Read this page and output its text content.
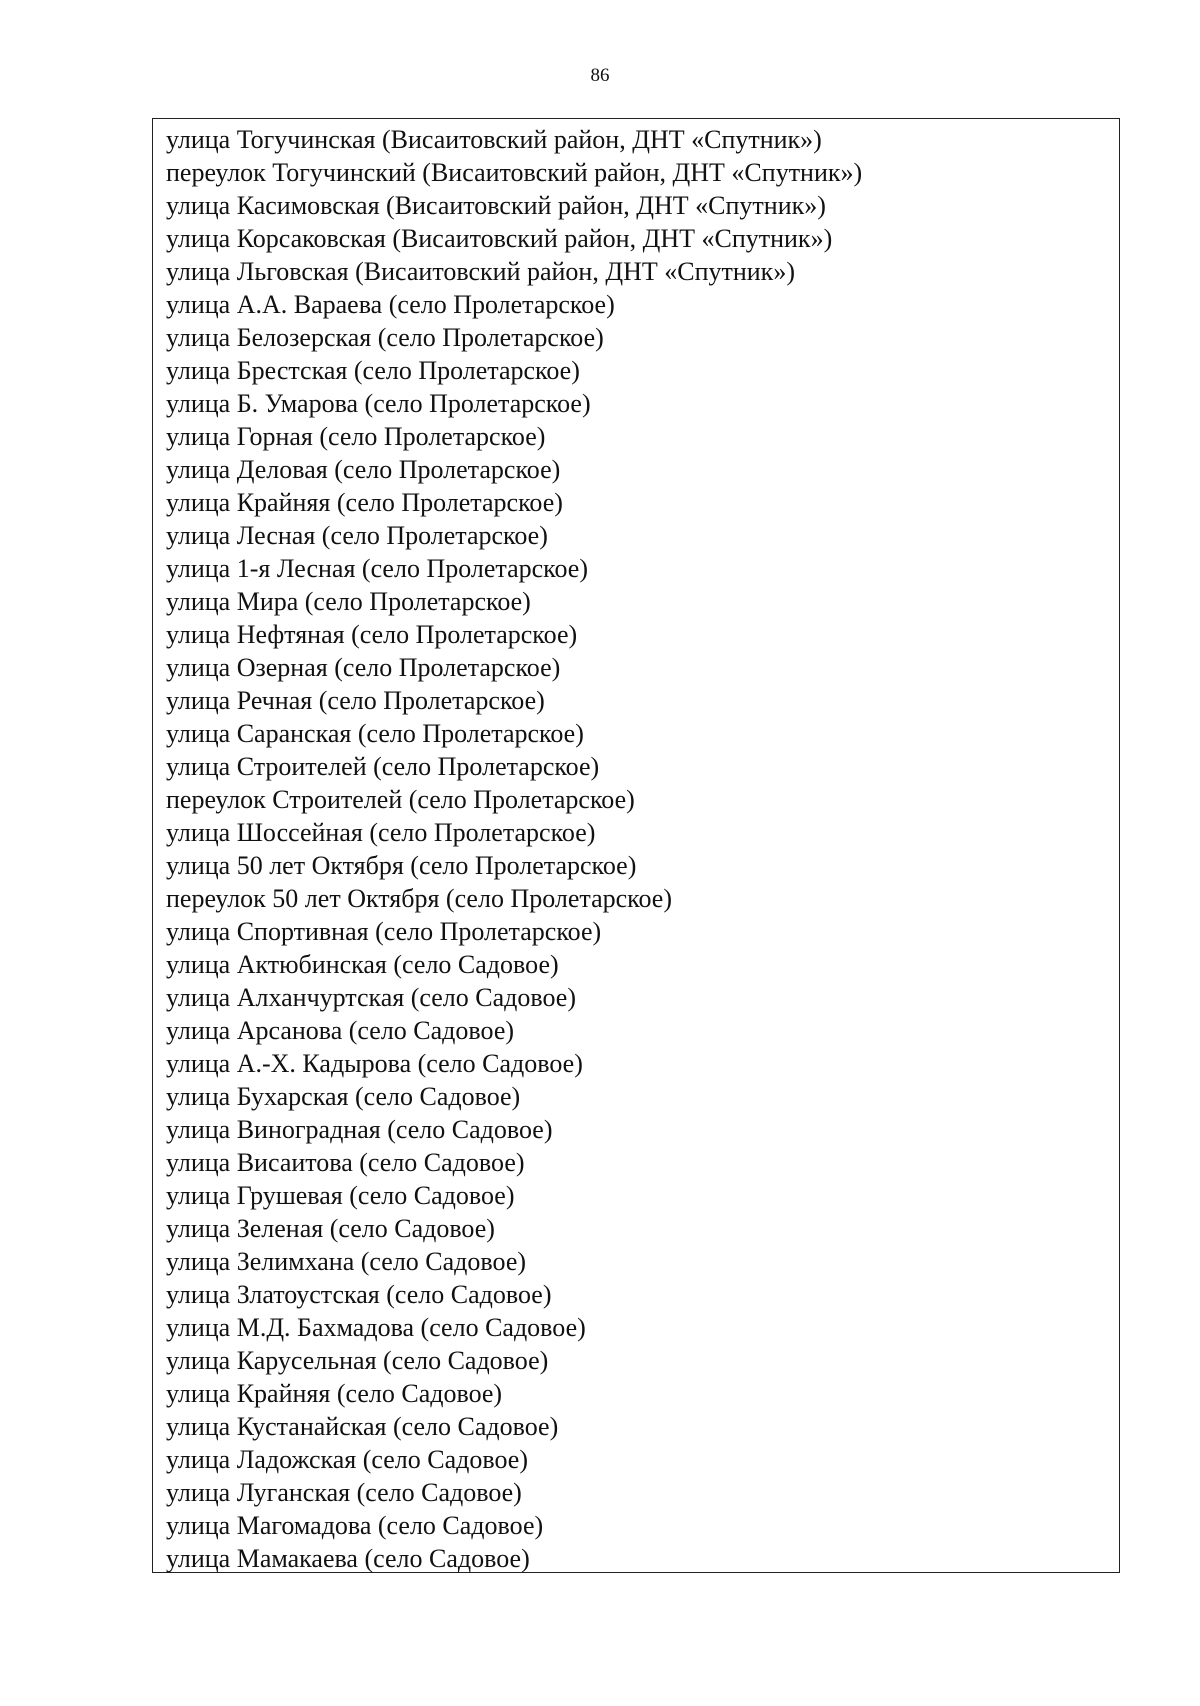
86
улица Тогучинская (Висаитовский район, ДНТ «Спутник»)
переулок Тогучинский (Висаитовский район, ДНТ «Спутник»)
улица Касимовская (Висаитовский район, ДНТ «Спутник»)
улица Корсаковская (Висаитовский район, ДНТ «Спутник»)
улица Льговская (Висаитовский район, ДНТ «Спутник»)
улица А.А. Вараева (село Пролетарское)
улица Белозерская (село Пролетарское)
улица Брестская (село Пролетарское)
улица Б. Умарова (село Пролетарское)
улица Горная (село Пролетарское)
улица Деловая (село Пролетарское)
улица Крайняя (село Пролетарское)
улица Лесная (село Пролетарское)
улица 1-я Лесная (село Пролетарское)
улица Мира (село Пролетарское)
улица Нефтяная (село Пролетарское)
улица Озерная (село Пролетарское)
улица Речная (село Пролетарское)
улица Саранская (село Пролетарское)
улица Строителей (село Пролетарское)
переулок Строителей (село Пролетарское)
улица Шоссейная (село Пролетарское)
улица 50 лет Октября (село Пролетарское)
переулок 50 лет Октября (село Пролетарское)
улица Спортивная (село Пролетарское)
улица Актюбинская (село Садовое)
улица Алханчуртская (село Садовое)
улица Арсанова (село Садовое)
улица А.-Х. Кадырова (село Садовое)
улица Бухарская (село Садовое)
улица Виноградная (село Садовое)
улица Висаитова (село Садовое)
улица Грушевая (село Садовое)
улица Зеленая (село Садовое)
улица Зелимхана (село Садовое)
улица Златоустская (село Садовое)
улица М.Д. Бахмадова (село Садовое)
улица Карусельная (село Садовое)
улица Крайняя (село Садовое)
улица Кустанайская (село Садовое)
улица Ладожская (село Садовое)
улица Луганская (село Садовое)
улица Магомадова (село Садовое)
улица Мамакаева (село Садовое)
